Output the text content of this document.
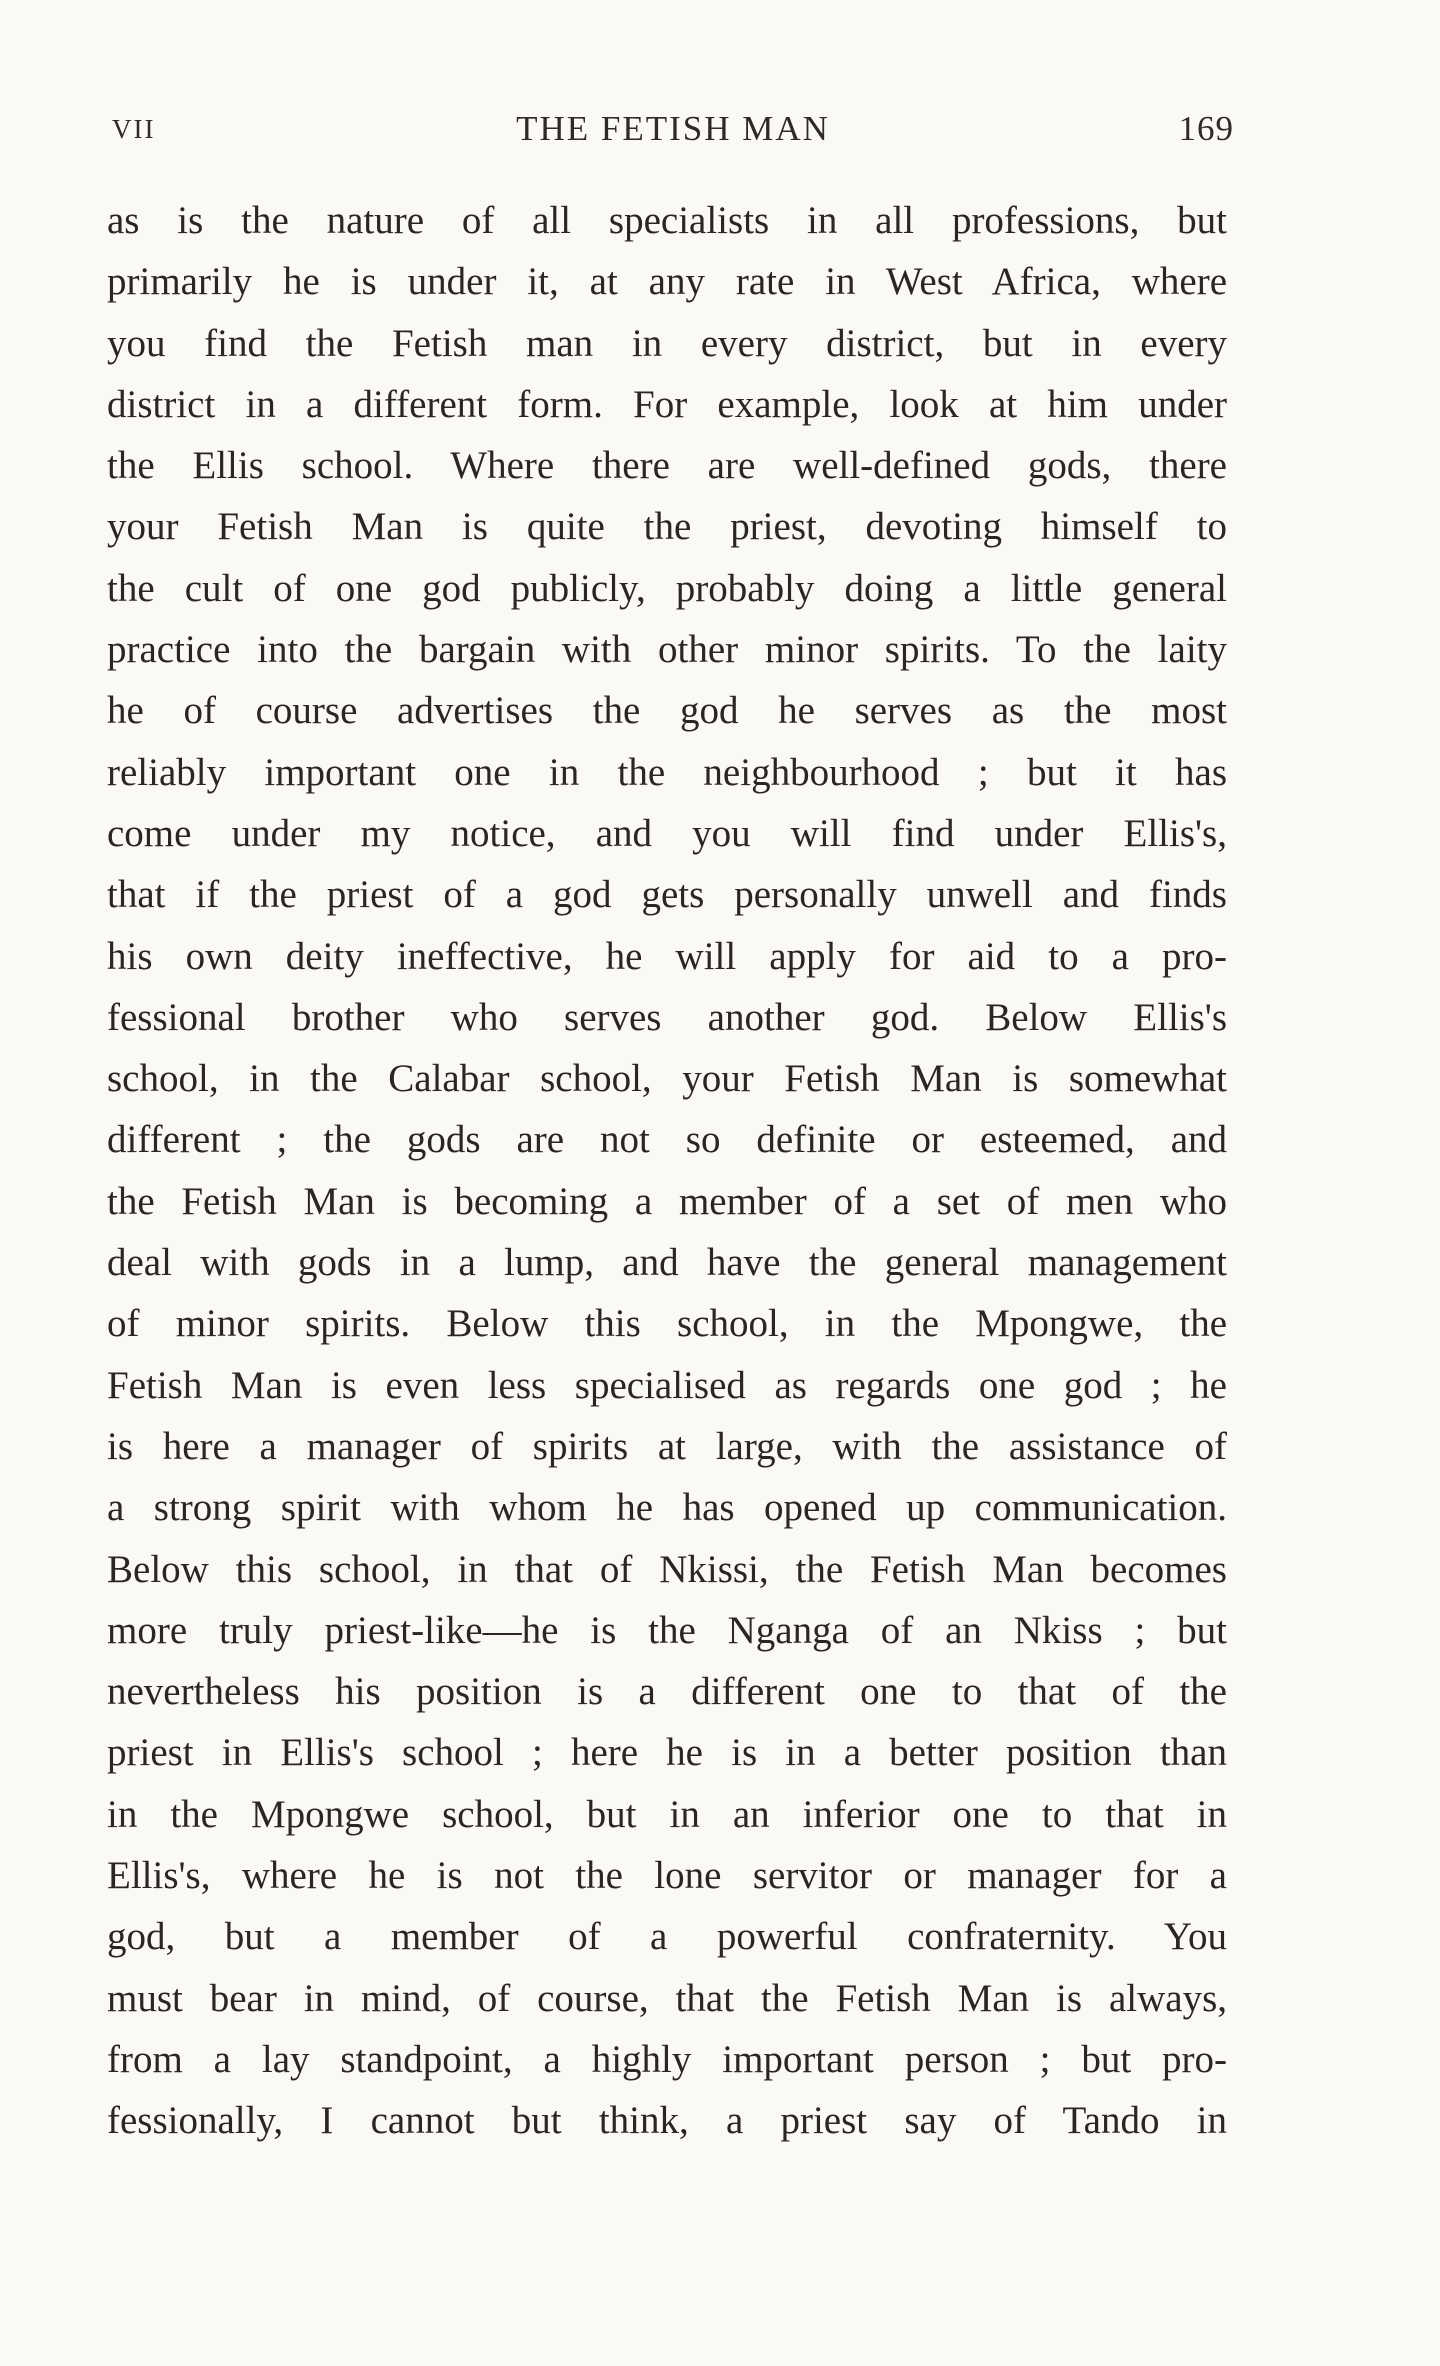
VII	THE FETISH MAN	169
as is the nature of all specialists in all professions, but
primarily he is under it, at any rate in West Africa, where
you find the Fetish man in every district, but in every
district in a different form. For example, look at him under
the Ellis school. Where there are well-defined gods, there
your Fetish Man is quite the priest, devoting himself to
the cult of one god publicly, probably doing a little general
practice into the bargain with other minor spirits. To the laity
he of course advertises the god he serves as the most
reliably important one in the neighbourhood ; but it has
come under my notice, and you will find under Ellis's,
that if the priest of a god gets personally unwell and finds
his own deity ineffective, he will apply for aid to a pro-
fessional brother who serves another god. Below Ellis's
school, in the Calabar school, your Fetish Man is somewhat
different ; the gods are not so definite or esteemed, and
the Fetish Man is becoming a member of a set of men who
deal with gods in a lump, and have the general management
of minor spirits. Below this school, in the Mpongwe, the
Fetish Man is even less specialised as regards one god ; he
is here a manager of spirits at large, with the assistance of
a strong spirit with whom he has opened up communication.
Below this school, in that of Nkissi, the Fetish Man becomes
more truly priest-like—he is the Nganga of an Nkiss ; but
nevertheless his position is a different one to that of the
priest in Ellis's school ; here he is in a better position than
in the Mpongwe school, but in an inferior one to that in
Ellis's, where he is not the lone servitor or manager for a
god, but a member of a powerful confraternity. You
must bear in mind, of course, that the Fetish Man is always,
from a lay standpoint, a highly important person ; but pro-
fessionally, I cannot but think, a priest say of Tando in
